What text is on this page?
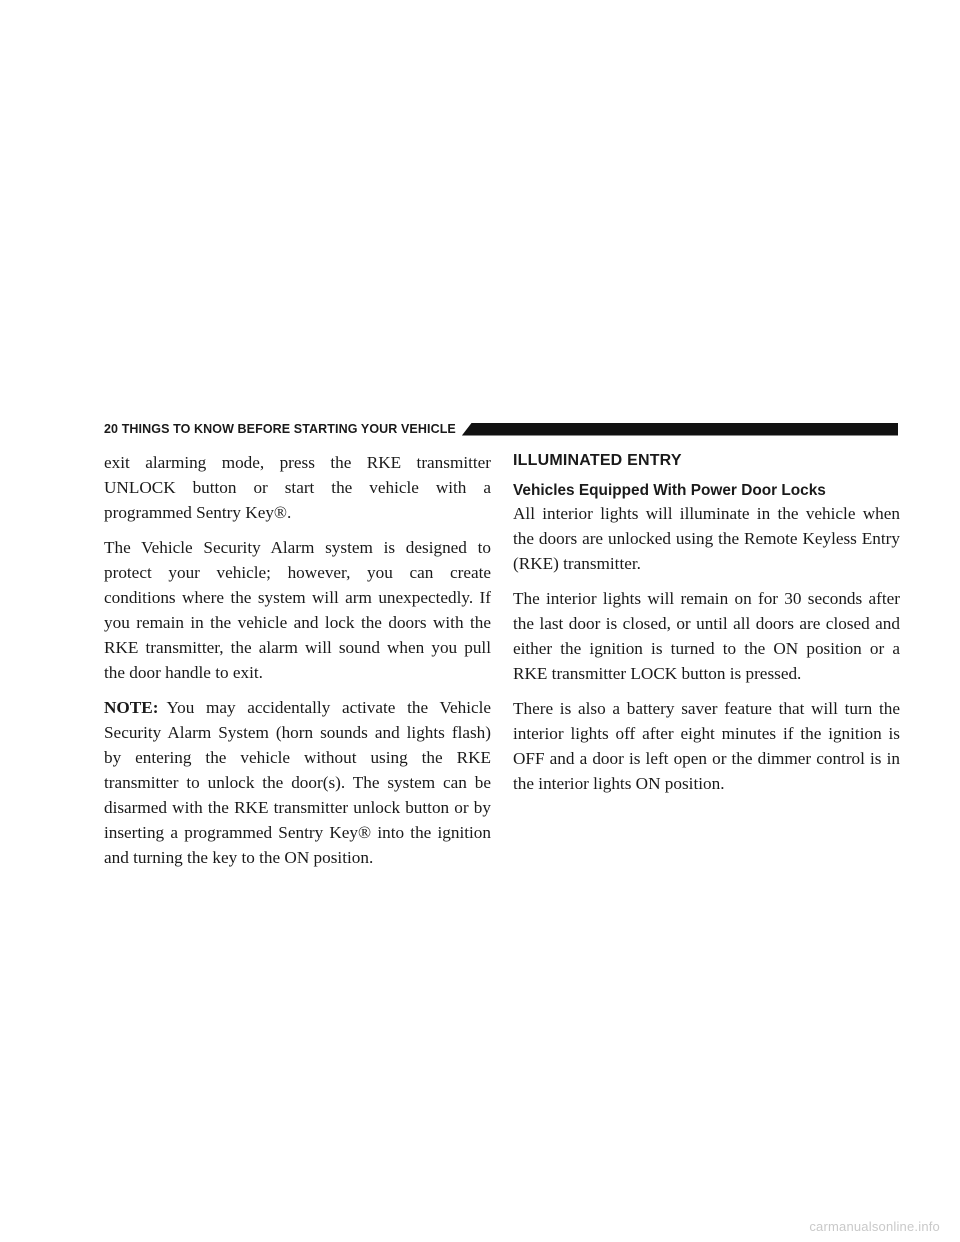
20 THINGS TO KNOW BEFORE STARTING YOUR VEHICLE

exit alarming mode, press the RKE transmitter UNLOCK button or start the vehicle with a programmed Sentry Key®.

The Vehicle Security Alarm system is designed to protect your vehicle; however, you can create conditions where the system will arm unexpectedly. If you remain in the vehicle and lock the doors with the RKE transmitter, the alarm will sound when you pull the door handle to exit.

NOTE: You may accidentally activate the Vehicle Security Alarm System (horn sounds and lights flash) by entering the vehicle without using the RKE transmitter to unlock the door(s). The system can be disarmed with the RKE transmitter unlock button or by inserting a programmed Sentry Key® into the ignition and turning the key to the ON position.

ILLUMINATED ENTRY
Vehicles Equipped With Power Door Locks

All interior lights will illuminate in the vehicle when the doors are unlocked using the Remote Keyless Entry (RKE) transmitter.

The interior lights will remain on for 30 seconds after the last door is closed, or until all doors are closed and either the ignition is turned to the ON position or a RKE transmitter LOCK button is pressed.

There is also a battery saver feature that will turn the interior lights off after eight minutes if the ignition is OFF and a door is left open or the dimmer control is in the interior lights ON position.

carmanualsonline.info
